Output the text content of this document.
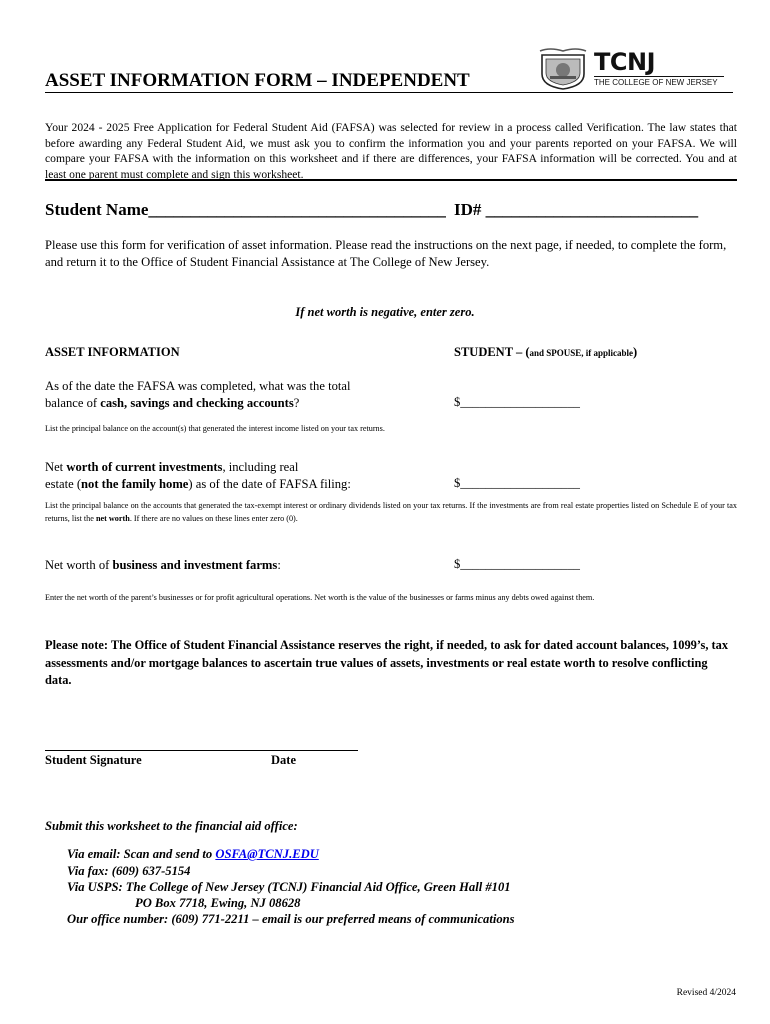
ASSET INFORMATION FORM – INDEPENDENT
TCNJ
THE COLLEGE OF NEW JERSEY
Your 2024 - 2025 Free Application for Federal Student Aid (FAFSA) was selected for review in a process called Verification. The law states that before awarding any Federal Student Aid, we must ask you to confirm the information you and your parents reported on your FAFSA. We will compare your FAFSA with the information on this worksheet and if there are differences, your FAFSA information will be corrected. You and at least one parent must complete and sign this worksheet.
Student Name___________________________________ ID# _________________________
Please use this form for verification of asset information. Please read the instructions on the next page, if needed, to complete the form, and return it to the Office of Student Financial Assistance at The College of New Jersey.
If net worth is negative, enter zero.
ASSET INFORMATION	STUDENT – (and SPOUSE, if applicable)
As of the date the FAFSA was completed, what was the total
balance of cash, savings and checking accounts?	$___________________
List the principal balance on the account(s) that generated the interest income listed on your tax returns.
Net worth of current investments, including real
estate (not the family home) as of the date of FAFSA filing:	$___________________
List the principal balance on the accounts that generated the tax-exempt interest or ordinary dividends listed on your tax returns. If the investments are from real estate properties listed on Schedule E of your tax returns, list the net worth. If there are no values on these lines enter zero (0).
Net worth of business and investment farms:	$___________________
Enter the net worth of the parent’s businesses or for profit agricultural operations. Net worth is the value of the businesses or farms minus any debts owed against them.
Please note: The Office of Student Financial Assistance reserves the right, if needed, to ask for dated account balances, 1099’s, tax assessments and/or mortgage balances to ascertain true values of assets, investments or real estate worth to resolve conflicting data.
Student Signature	Date
Submit this worksheet to the financial aid office:
Via email: Scan and send to OSFA@TCNJ.EDU
Via fax: (609) 637-5154
Via USPS: The College of New Jersey (TCNJ) Financial Aid Office, Green Hall #101
PO Box 7718, Ewing, NJ 08628
Our office number: (609) 771-2211 – email is our preferred means of communications
Revised 4/2024
